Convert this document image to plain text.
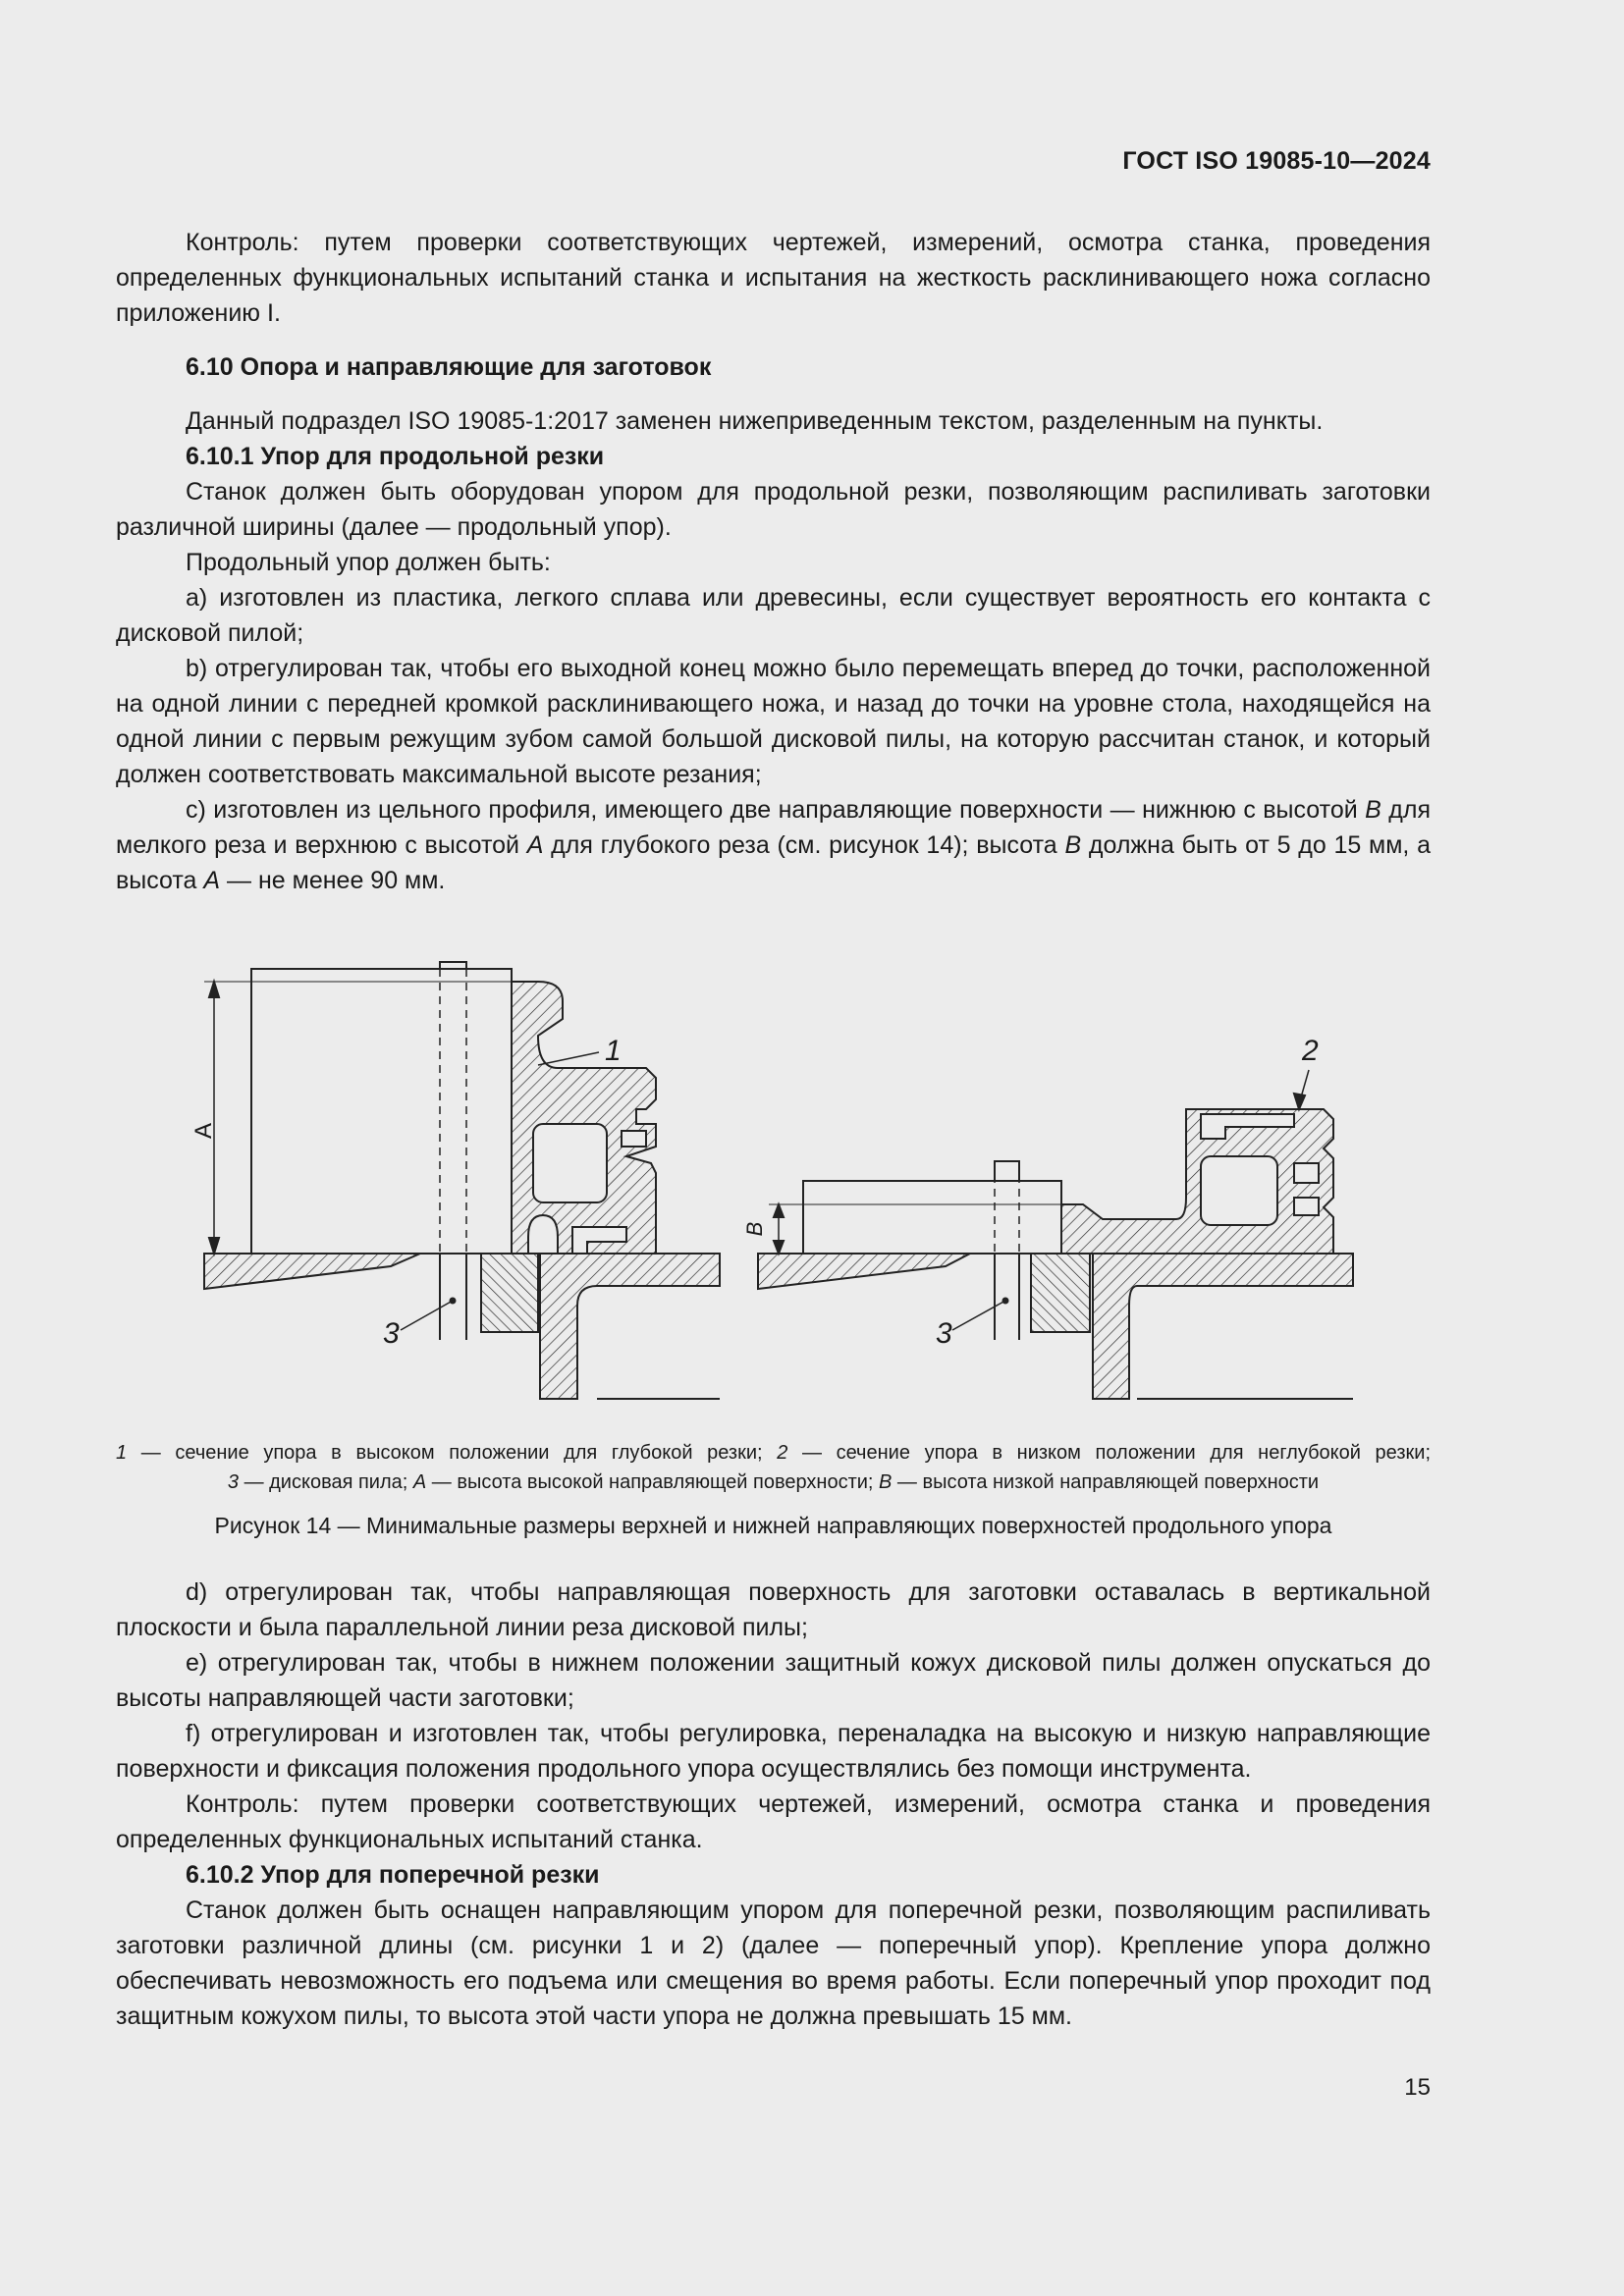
ГОСТ ISO 19085-10—2024

Контроль: путем проверки соответствующих чертежей, измерений, осмотра станка, проведения определенных функциональных испытаний станка и испытания на жесткость расклинивающего ножа согласно приложению I.

6.10 Опора и направляющие для заготовок

Данный подраздел ISO 19085-1:2017 заменен нижеприведенным текстом, разделенным на пункты.

6.10.1 Упор для продольной резки

Станок должен быть оборудован упором для продольной резки, позволяющим распиливать заготовки различной ширины (далее — продольный упор).

Продольный упор должен быть:

a) изготовлен из пластика, легкого сплава или древесины, если существует вероятность его контакта с дисковой пилой;

b) отрегулирован так, чтобы его выходной конец можно было перемещать вперед до точки, расположенной на одной линии с передней кромкой расклинивающего ножа, и назад до точки на уровне стола, находящейся на одной линии с первым режущим зубом самой большой дисковой пилы, на которую рассчитан станок, и который должен соответствовать максимальной высоте резания;

c) изготовлен из цельного профиля, имеющего две направляющие поверхности — нижнюю с высотой B для мелкого реза и верхнюю с высотой A для глубокого реза (см. рисунок 14); высота B должна быть от 5 до 15 мм, а высота A — не менее 90 мм.

A
1
3
B
2
3
1 — сечение упора в высоком положении для глубокой резки; 2 — сечение упора в низком положении для неглубокой резки;
3 — дисковая пила; A — высота высокой направляющей поверхности; B — высота низкой направляющей поверхности
Рисунок 14 — Минимальные размеры верхней и нижней направляющих поверхностей продольного упора

d) отрегулирован так, чтобы направляющая поверхность для заготовки оставалась в вертикальной плоскости и была параллельной линии реза дисковой пилы;

e) отрегулирован так, чтобы в нижнем положении защитный кожух дисковой пилы должен опускаться до высоты направляющей части заготовки;

f) отрегулирован и изготовлен так, чтобы регулировка, переналадка на высокую и низкую направляющие поверхности и фиксация положения продольного упора осуществлялись без помощи инструмента.

Контроль: путем проверки соответствующих чертежей, измерений, осмотра станка и проведения определенных функциональных испытаний станка.

6.10.2 Упор для поперечной резки

Станок должен быть оснащен направляющим упором для поперечной резки, позволяющим распиливать заготовки различной длины (см. рисунки 1 и 2) (далее — поперечный упор). Крепление упора должно обеспечивать невозможность его подъема или смещения во время работы. Если поперечный упор проходит под защитным кожухом пилы, то высота этой части упора не должна превышать 15 мм.

15
